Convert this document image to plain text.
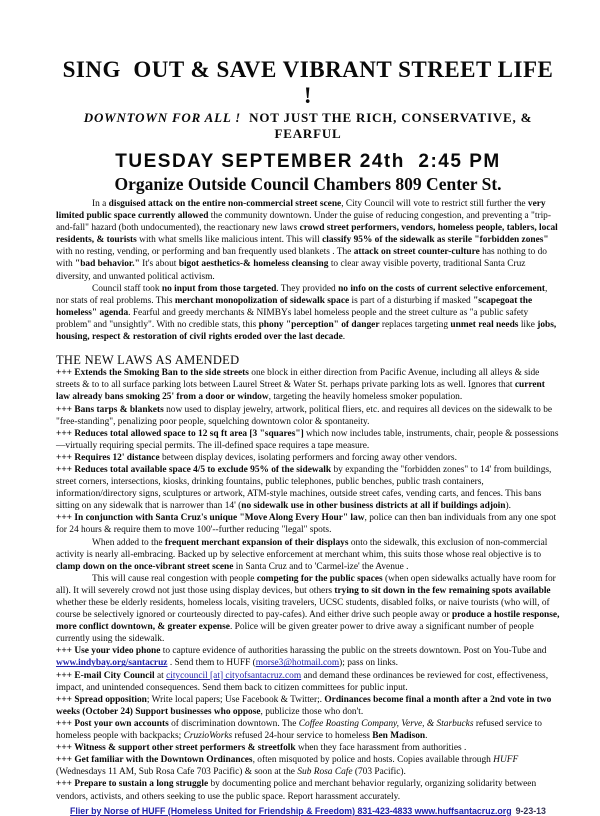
SING  OUT & SAVE VIBRANT STREET LIFE !
DOWNTOWN FOR ALL !  NOT JUST THE RICH, CONSERVATIVE, & FEARFUL
TUESDAY SEPTEMBER 24th  2:45 PM
Organize Outside Council Chambers 809 Center St.

In a disguised attack on the entire non-commercial street scene, City Council will vote to restrict still further the very limited public space currently allowed the community downtown. Under the guise of reducing congestion, and preventing a "trip-and-fall" hazard (both undocumented), the reactionary new laws crowd street performers, vendors, homeless people, tablers, local residents, & tourists with what smells like malicious intent. This will classify 95% of the sidewalk as sterile "forbidden zones" with no resting, vending, or performing and ban frequently used blankets . The attack on street counter-culture has nothing to do with "bad behavior." It's about bigot aesthetics-& homeless cleansing to clear away visible poverty, traditional Santa Cruz diversity, and unwanted political activism.

Council staff took no input from those targeted. They provided no info on the costs of current selective enforcement, nor stats of real problems. This merchant monopolization of sidewalk space is part of a disturbing if masked "scapegoat the homeless" agenda. Fearful and greedy merchants & NIMBYs label homeless people and the street culture as "a public safety problem" and "unsightly". With no credible stats, this phony "perception" of danger replaces targeting unmet real needs like jobs, housing, respect & restoration of civil rights eroded over the last decade.

THE NEW LAWS AS AMENDED

+++ Extends the Smoking Ban to the side streets one block in either direction from Pacific Avenue, including all alleys & side streets & to to all surface parking lots between Laurel Street & Water St. perhaps private parking lots as well. Ignores that current law already bans smoking 25' from a door or window, targeting the heavily homeless smoker population.

+++ Bans tarps & blankets now used to display jewelry, artwork, political fliers, etc. and requires all devices on the sidewalk to be "free-standing", penalizing poor people, squelching downtown color & spontaneity.

+++ Reduces total allowed space to 12 sq ft area [3 "squares"] which now includes table, instruments, chair, people & possessions—virtually requiring special permits. The ill-defined space requires a tape measure.

+++ Requires 12' distance between display devices, isolating performers and forcing away other vendors.

+++ Reduces total available space 4/5 to exclude 95% of the sidewalk by expanding the "forbidden zones" to 14' from buildings, street corners, intersections, kiosks, drinking fountains, public telephones, public benches, public trash containers, information/directory signs, sculptures or artwork, ATM-style machines, outside street cafes, vending carts, and fences. This bans sitting on any sidewalk that is narrower than 14' (no sidewalk use in other business districts at all if buildings adjoin).

+++ In conjunction with Santa Cruz's unique "Move Along Every Hour" law, police can then ban individuals from any one spot for 24 hours & require them to move 100'--further reducing "legal" spots.

When added to the frequent merchant expansion of their displays onto the sidewalk, this exclusion of non-commercial activity is nearly all-embracing. Backed up by selective enforcement at merchant whim, this suits those whose real objective is to clamp down on the once-vibrant street scene in Santa Cruz and to 'Carmel-ize' the Avenue .

This will cause real congestion with people competing for the public spaces (when open sidewalks actually have room for all). It will severely crowd not just those using display devices, but others trying to sit down in the few remaining spots available whether these be elderly residents, homeless locals, visiting travelers, UCSC students, disabled folks, or naive tourists (who will, of course be selectively ignored or courteously directed to pay-cafes). And either drive such people away or produce a hostile response, more conflict downtown, & greater expense. Police will be given greater power to drive away a significant number of people currently using the sidewalk.

+++ Use your video phone to capture evidence of authorities harassing the public on the streets downtown. Post on You-Tube and www.indybay.org/santacruz . Send them to HUFF (morse3@hotmail.com); pass on links.

+++ E-mail City Council at citycouncil [at] cityofsantacruz.com and demand these ordinances be reviewed for cost, effectiveness, impact, and unintended consequences. Send them back to citizen committees for public input.

+++ Spread opposition; Write local papers; Use Facebook & Twitter;. Ordinances become final a month after a 2nd vote in two weeks (October 24) Support businesses who oppose, publicize those who don't.

+++ Post your own accounts of discrimination downtown. The Coffee Roasting Company, Verve, & Starbucks refused service to homeless people with backpacks; CruzioWorks refused 24-hour service to homeless Ben Madison.

+++ Witness & support other street performers & streetfolk when they face harassment from authorities .

+++ Get familiar with the Downtown Ordinances, often misquoted by police and hosts. Copies available through HUFF (Wednesdays 11 AM, Sub Rosa Cafe 703 Pacific) & soon at the Sub Rosa Cafe (703 Pacific).

+++ Prepare to sustain a long struggle by documenting police and merchant behavior regularly, organizing solidarity between vendors, activists, and others seeking to use the public space. Report harassment accurately.

Flier by Norse of HUFF (Homeless United for Friendship & Freedom) 831-423-4833 www.huffsantacruz.org 9-23-13
